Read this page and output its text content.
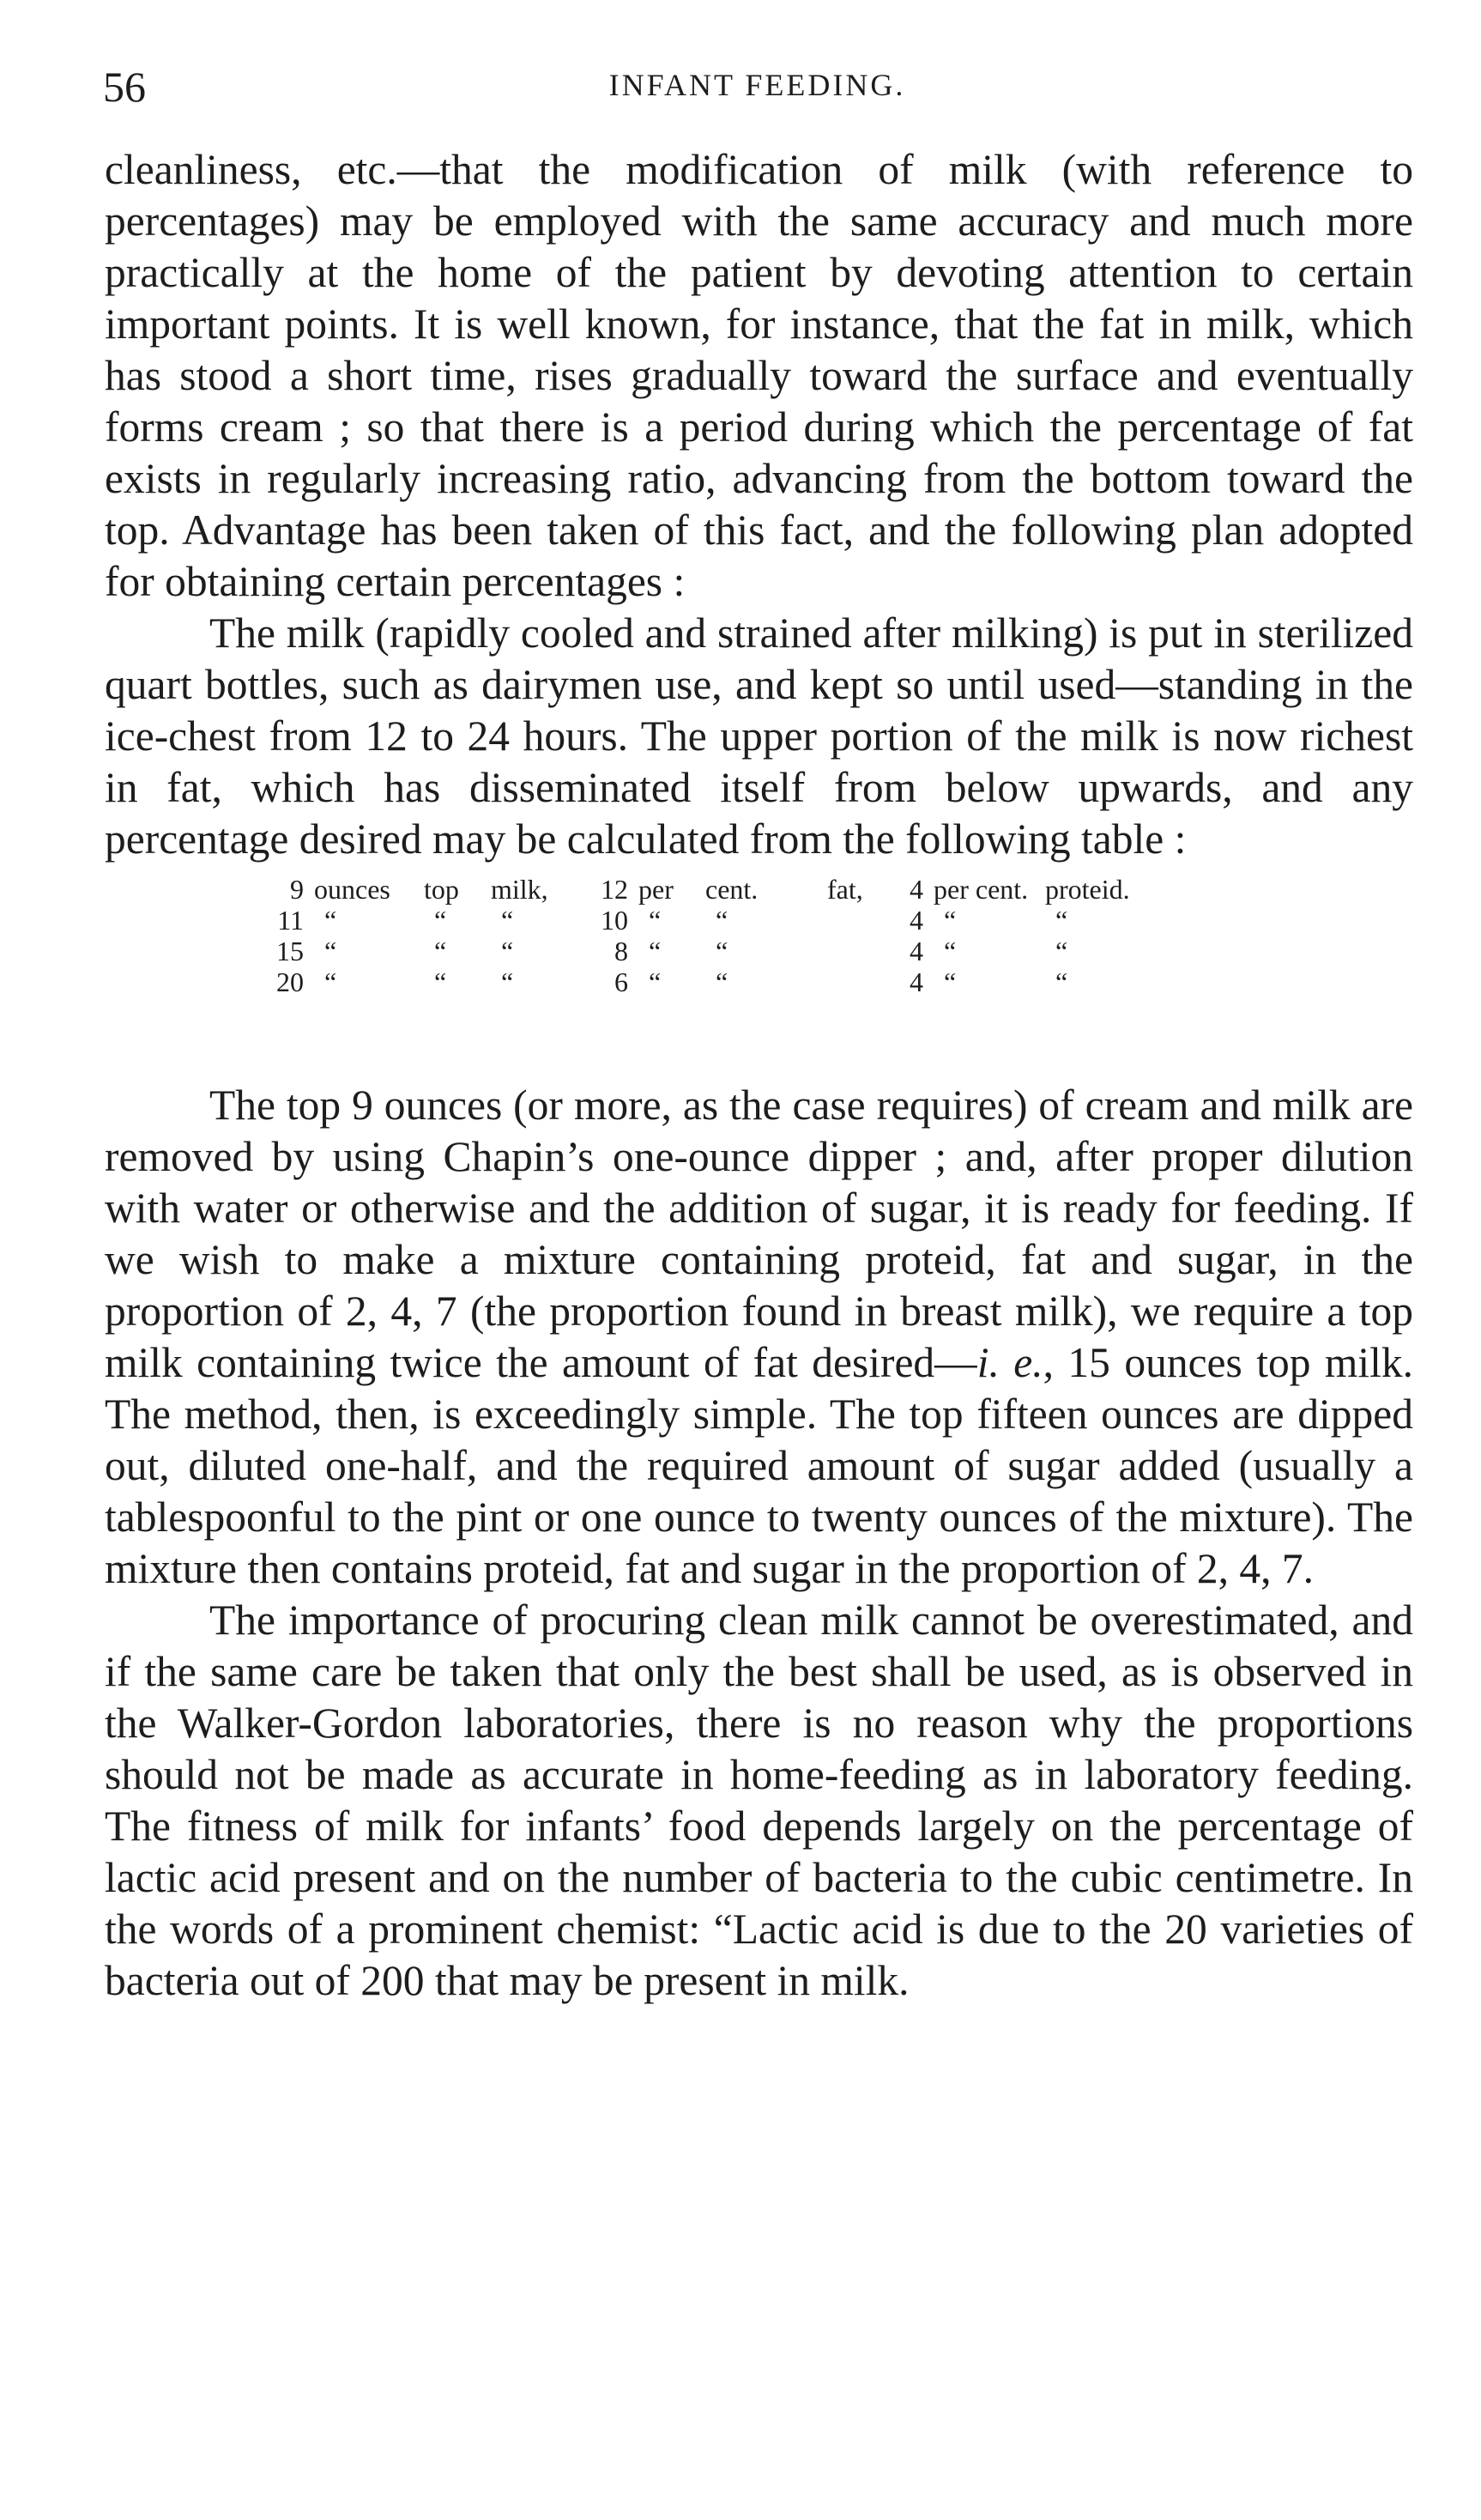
56	INFANT FEEDING.

cleanliness, etc.—that the modification of milk (with reference to percentages) may be employed with the same accuracy and much more practically at the home of the patient by devoting attention to certain important points. It is well known, for instance, that the fat in milk, which has stood a short time, rises gradually toward the surface and eventually forms cream ; so that there is a period during which the percentage of fat exists in regularly increasing ratio, advancing from the bottom toward the top. Advantage has been taken of this fact, and the following plan adopted for obtaining certain percentages :

The milk (rapidly cooled and strained after milking) is put in sterilized quart bottles, such as dairymen use, and kept so until used—standing in the ice-chest from 12 to 24 hours. The upper portion of the milk is now richest in fat, which has disseminated itself from below upwards, and any percentage desired may be calculated from the following table :

9 ounces	top	milk,	12 per	cent.	fat,	4 per cent. proteid.
11 “	“	“	10 “	“	4 “	“
15 “	“	“	8 “	“	4 “	“
20 “	“	“	6 “	“	4 “	“

The top 9 ounces (or more, as the case requires) of cream and milk are removed by using Chapin’s one-ounce dipper ; and, after proper dilution with water or otherwise and the addition of sugar, it is ready for feeding. If we wish to make a mixture containing proteid, fat and sugar, in the proportion of 2, 4, 7 (the proportion found in breast milk), we require a top milk containing twice the amount of fat desired—i. e., 15 ounces top milk. The method, then, is exceedingly simple. The top fifteen ounces are dipped out, diluted one-half, and the required amount of sugar added (usually a tablespoonful to the pint or one ounce to twenty ounces of the mixture). The mixture then contains proteid, fat and sugar in the proportion of 2, 4, 7.

The importance of procuring clean milk cannot be overestimated, and if the same care be taken that only the best shall be used, as is observed in the Walker-Gordon laboratories, there is no reason why the proportions should not be made as accurate in home-feeding as in laboratory feeding. The fitness of milk for infants’ food depends largely on the percentage of lactic acid present and on the number of bacteria to the cubic centimetre. In the words of a prominent chemist: “Lactic acid is due to the 20 varieties of bacteria out of 200 that may be present in milk.
